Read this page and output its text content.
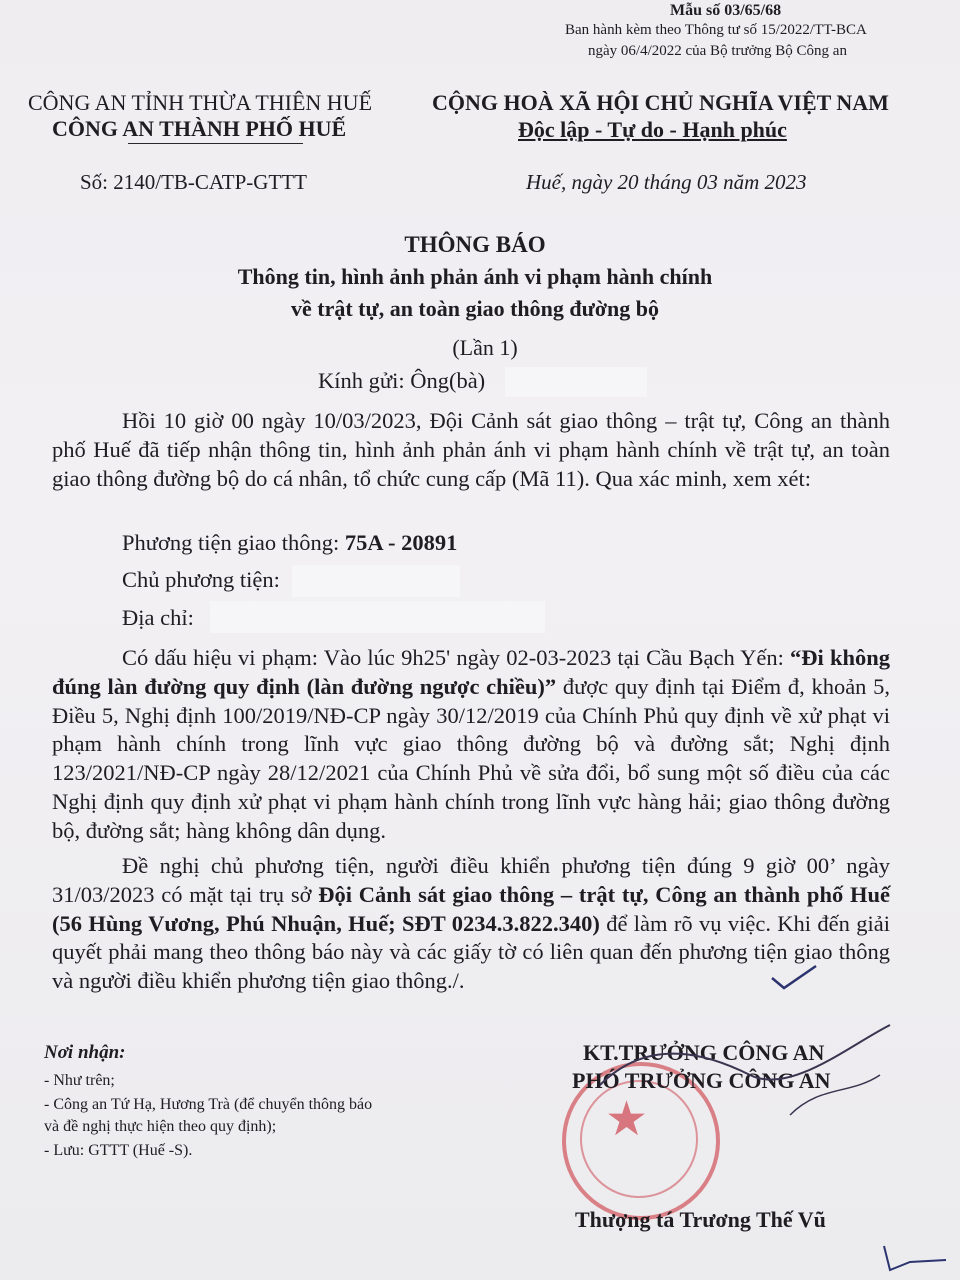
Mẫu số 03/65/68
Ban hành kèm theo Thông tư số 15/2022/TT-BCA
ngày 06/4/2022 của Bộ trưởng Bộ Công an
CÔNG AN TỈNH THỪA THIÊN HUẾ
CÔNG AN THÀNH PHỐ HUẾ
Số: 2140/TB-CATP-GTTT
CỘNG HOÀ XÃ HỘI CHỦ NGHĨA VIỆT NAM
Độc lập - Tự do - Hạnh phúc
Huế, ngày 20 tháng 03 năm 2023
THÔNG BÁO
Thông tin, hình ảnh phản ánh vi phạm hành chính
về trật tự, an toàn giao thông đường bộ
(Lần 1)
Kính gửi: Ông(bà)

Hồi 10 giờ 00 ngày 10/03/2023, Đội Cảnh sát giao thông – trật tự, Công an thành phố Huế đã tiếp nhận thông tin, hình ảnh phản ánh vi phạm hành chính về trật tự, an toàn giao thông đường bộ do cá nhân, tổ chức cung cấp (Mã 11). Qua xác minh, xem xét:

Phương tiện giao thông: 75A - 20891
Chủ phương tiện:
Địa chỉ:

Có dấu hiệu vi phạm: Vào lúc 9h25' ngày 02-03-2023 tại Cầu Bạch Yến: “Đi không đúng làn đường quy định (làn đường ngược chiều)” được quy định tại Điểm đ, khoản 5, Điều 5, Nghị định 100/2019/NĐ-CP ngày 30/12/2019 của Chính Phủ quy định về xử phạt vi phạm hành chính trong lĩnh vực giao thông đường bộ và đường sắt; Nghị định 123/2021/NĐ-CP ngày 28/12/2021 của Chính Phủ về sửa đổi, bổ sung một số điều của các Nghị định quy định xử phạt vi phạm hành chính trong lĩnh vực hàng hải; giao thông đường bộ, đường sắt; hàng không dân dụng.

Đề nghị chủ phương tiện, người điều khiển phương tiện đúng 9 giờ 00’ ngày 31/03/2023 có mặt tại trụ sở Đội Cảnh sát giao thông – trật tự, Công an thành phố Huế (56 Hùng Vương, Phú Nhuận, Huế; SĐT 0234.3.822.340) để làm rõ vụ việc. Khi đến giải quyết phải mang theo thông báo này và các giấy tờ có liên quan đến phương tiện giao thông và người điều khiển phương tiện giao thông./.

Nơi nhận:
- Như trên;
- Công an Tứ Hạ, Hương Trà (để chuyển thông báo
và đề nghị thực hiện theo quy định);
- Lưu: GTTT (Huế -S).
★
KT.TRƯỞNG CÔNG AN
PHÓ TRƯỞNG CÔNG AN
Thượng tá Trương Thế Vũ
